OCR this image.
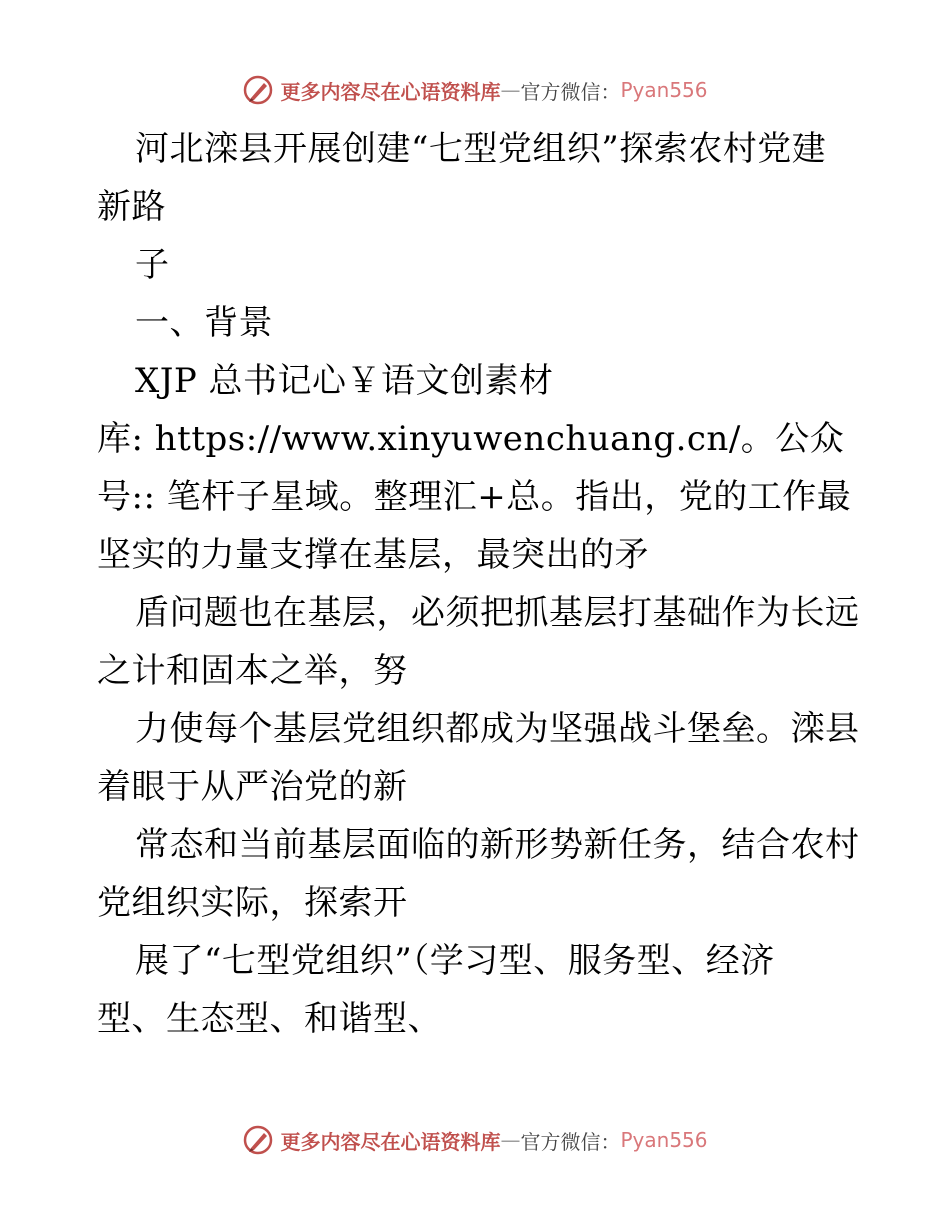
更多内容尽在心语资料库 — 官方微信： Pyan556
河北滦县开展创建“七型党组织”探索农村党建
新路
子
一、背景
XJP 总书记心￥语文创素材
库: https://www.xinyuwenchuang.cn/。公众
号:: 笔杆子星域。整理汇+总。指出，党的工作最
坚实的力量支撑在基层，最突出的矛
盾问题也在基层，必须把抓基层打基础作为长远
之计和固本之举，努
力使每个基层党组织都成为坚强战斗堡垒。滦县
着眼于从严治党的新
常态和当前基层面临的新形势新任务，结合农村
党组织实际，探索开
展了“七型党组织”（学习型、服务型、经济
型、生态型、和谐型、
更多内容尽在心语资料库 — 官方微信： Pyan556
